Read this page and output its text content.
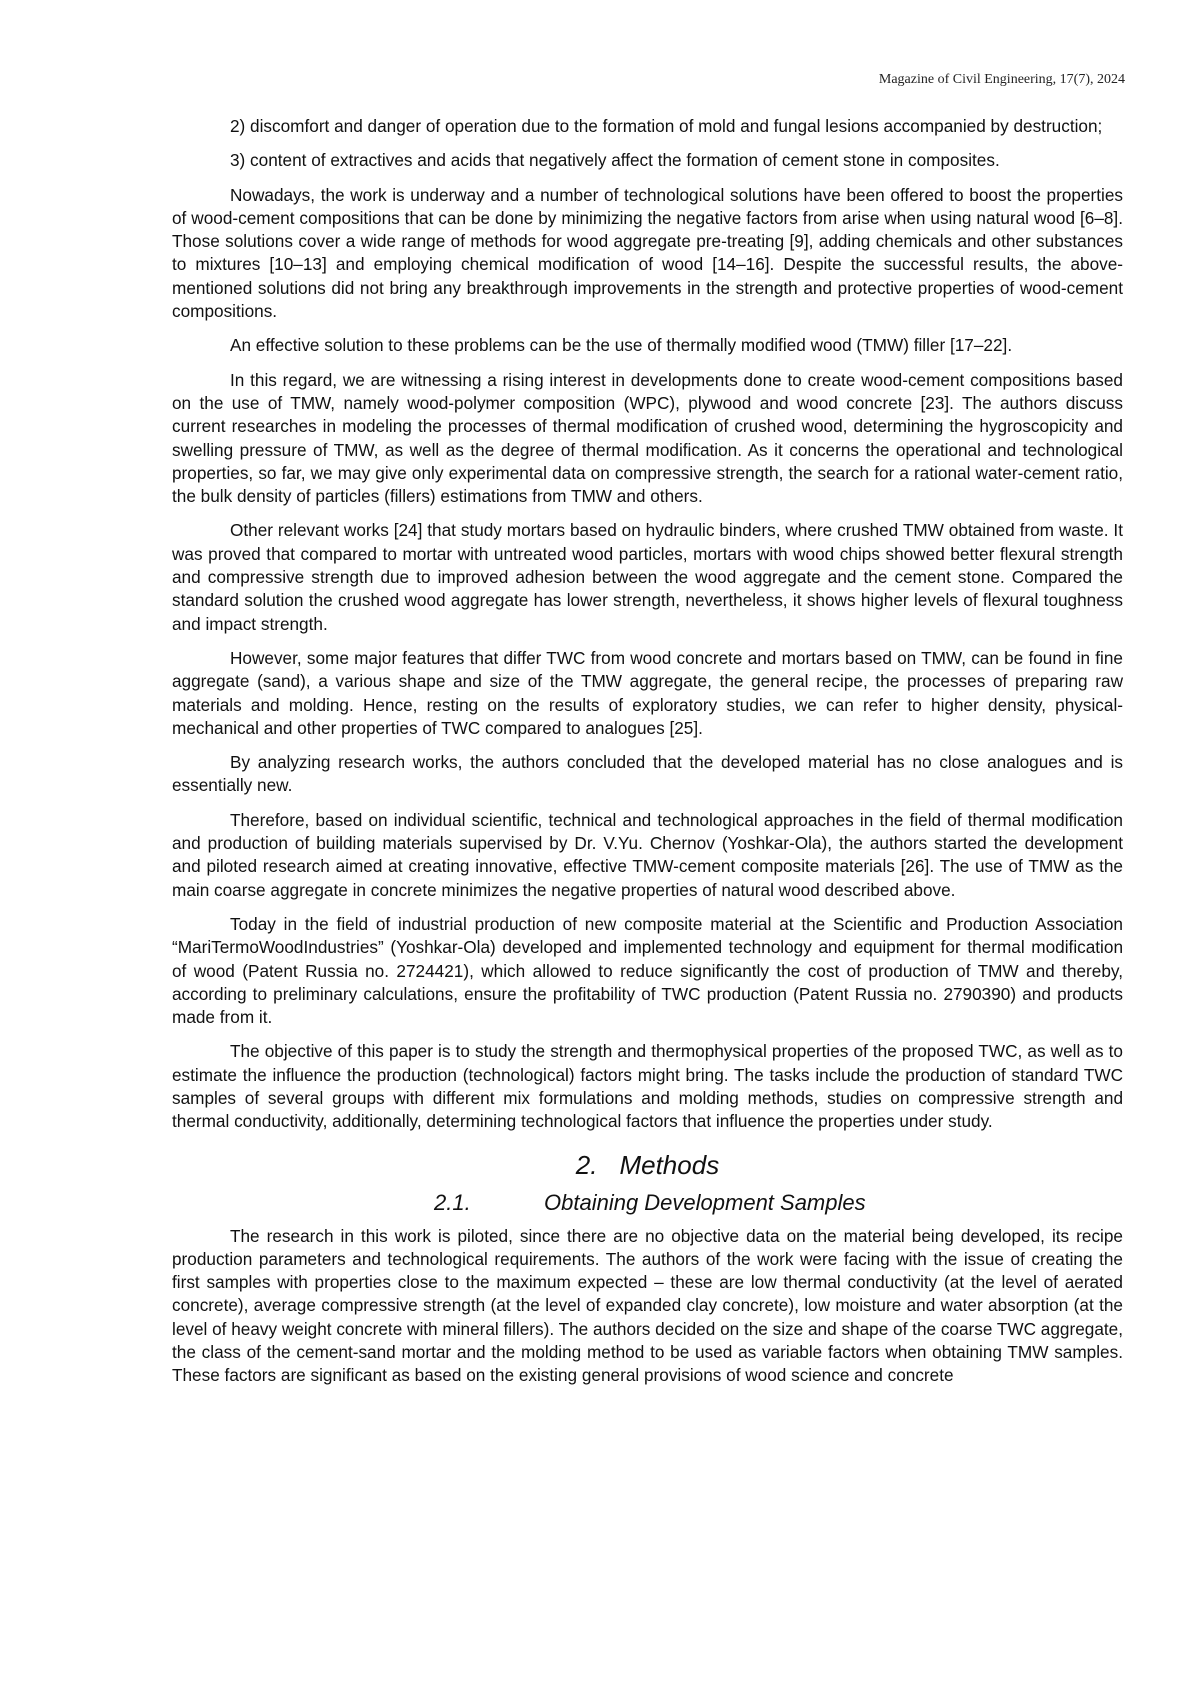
Magazine of Civil Engineering, 17(7), 2024

2) discomfort and danger of operation due to the formation of mold and fungal lesions accompanied by destruction;

3) content of extractives and acids that negatively affect the formation of cement stone in composites.

Nowadays, the work is underway and a number of technological solutions have been offered to boost the properties of wood-cement compositions that can be done by minimizing the negative factors from arise when using natural wood [6–8]. Those solutions cover a wide range of methods for wood aggregate pre-treating [9], adding chemicals and other substances to mixtures [10–13] and employing chemical modification of wood [14–16]. Despite the successful results, the above-mentioned solutions did not bring any breakthrough improvements in the strength and protective properties of wood-cement compositions.

An effective solution to these problems can be the use of thermally modified wood (TMW) filler [17–22].

In this regard, we are witnessing a rising interest in developments done to create wood-cement compositions based on the use of TMW, namely wood-polymer composition (WPC), plywood and wood concrete [23]. The authors discuss current researches in modeling the processes of thermal modification of crushed wood, determining the hygroscopicity and swelling pressure of TMW, as well as the degree of thermal modification. As it concerns the operational and technological properties, so far, we may give only experimental data on compressive strength, the search for a rational water-cement ratio, the bulk density of particles (fillers) estimations from TMW and others.

Other relevant works [24] that study mortars based on hydraulic binders, where crushed TMW obtained from waste. It was proved that compared to mortar with untreated wood particles, mortars with wood chips showed better flexural strength and compressive strength due to improved adhesion between the wood aggregate and the cement stone. Compared the standard solution the crushed wood aggregate has lower strength, nevertheless, it shows higher levels of flexural toughness and impact strength.

However, some major features that differ TWC from wood concrete and mortars based on TMW, can be found in fine aggregate (sand), a various shape and size of the TMW aggregate, the general recipe, the processes of preparing raw materials and molding. Hence, resting on the results of exploratory studies, we can refer to higher density, physical-mechanical and other properties of TWC compared to analogues [25].

By analyzing research works, the authors concluded that the developed material has no close analogues and is essentially new.

Therefore, based on individual scientific, technical and technological approaches in the field of thermal modification and production of building materials supervised by Dr. V.Yu. Chernov (Yoshkar-Ola), the authors started the development and piloted research aimed at creating innovative, effective TMW-cement composite materials [26]. The use of TMW as the main coarse aggregate in concrete minimizes the negative properties of natural wood described above.

Today in the field of industrial production of new composite material at the Scientific and Production Association “MariTermoWoodIndustries” (Yoshkar-Ola) developed and implemented technology and equipment for thermal modification of wood (Patent Russia no. 2724421), which allowed to reduce significantly the cost of production of TMW and thereby, according to preliminary calculations, ensure the profitability of TWC production (Patent Russia no. 2790390) and products made from it.

The objective of this paper is to study the strength and thermophysical properties of the proposed TWC, as well as to estimate the influence the production (technological) factors might bring. The tasks include the production of standard TWC samples of several groups with different mix formulations and molding methods, studies on compressive strength and thermal conductivity, additionally, determining technological factors that influence the properties under study.

2. Methods
2.1.	Obtaining Development Samples

The research in this work is piloted, since there are no objective data on the material being developed, its recipe production parameters and technological requirements. The authors of the work were facing with the issue of creating the first samples with properties close to the maximum expected – these are low thermal conductivity (at the level of aerated concrete), average compressive strength (at the level of expanded clay concrete), low moisture and water absorption (at the level of heavy weight concrete with mineral fillers). The authors decided on the size and shape of the coarse TWC aggregate, the class of the cement-sand mortar and the molding method to be used as variable factors when obtaining TMW samples. These factors are significant as based on the existing general provisions of wood science and concrete
